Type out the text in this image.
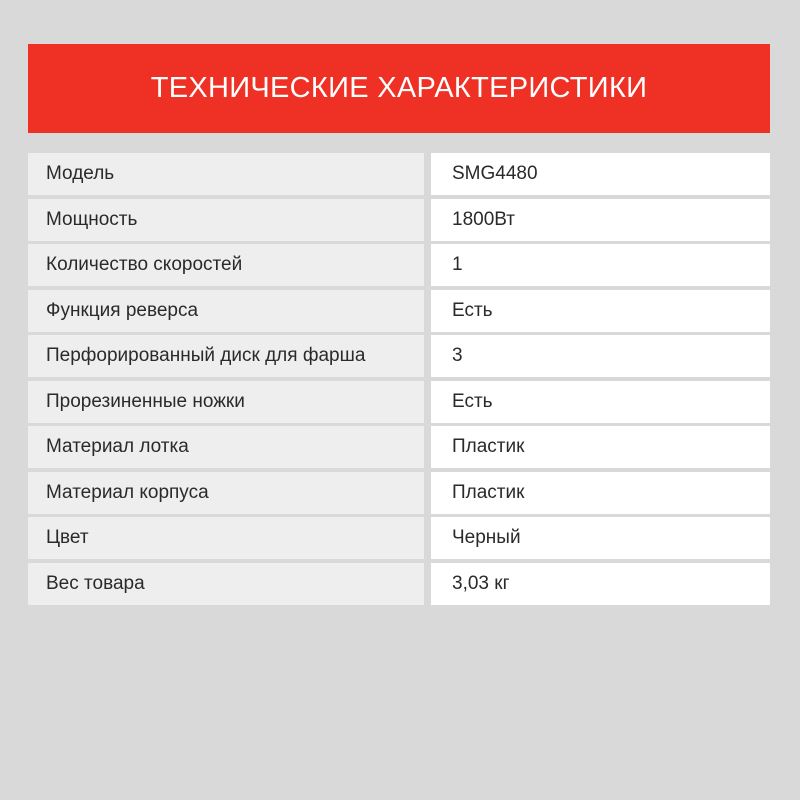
ТЕХНИЧЕСКИЕ ХАРАКТЕРИСТИКИ
Модель	SMG4480
Мощность	1800Вт
Количество скоростей	1
Функция реверса	Есть
Перфорированный диск для фарша	3
Прорезиненные ножки	Есть
Материал лотка	Пластик
Материал корпуса	Пластик
Цвет	Черный
Вес товара	3,03 кг
